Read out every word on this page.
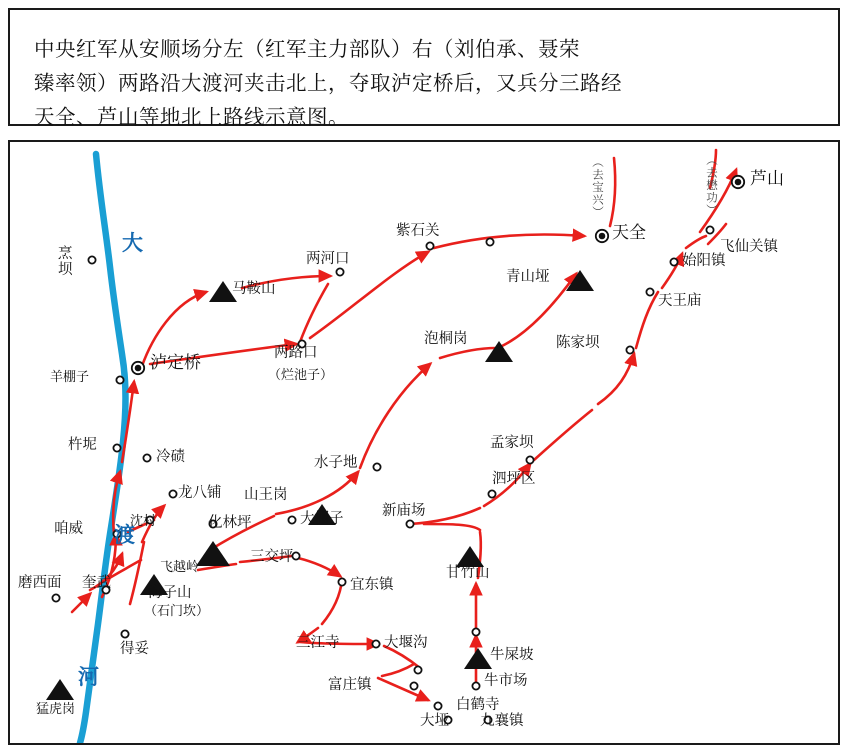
中央红军从安顺场分左（红军主力部队）右（刘伯承、聂荣
臻率领）两路沿大渡河夹击北上，夺取泸定桥后，又兵分三路经
天全、芦山等地北上路线示意图。
大
渡
河
（去宝兴）	（去懋功）
烹
坝
马鞍山
两河口
紫石关	天全
芦山
飞仙关镇
始阳镇
天王庙
青山垭
泡桐岗	陈家坝
泸定桥	两路口
（烂池子）
羊棚子
杵坭
冷碛
龙八铺
沈村
山王岗
化林坪	大棚子
水子地
孟家坝
泗坪区
新庙场
咱威
磨西面 奎武
飞越岭
海子山
（石门坎）
三交坪
宜东镇
得妥
猛虎岗
三江寺	大堰沟
富庄镇
甘竹山
牛市场
牛屎坡
白鹤寺
大垭 九襄镇
